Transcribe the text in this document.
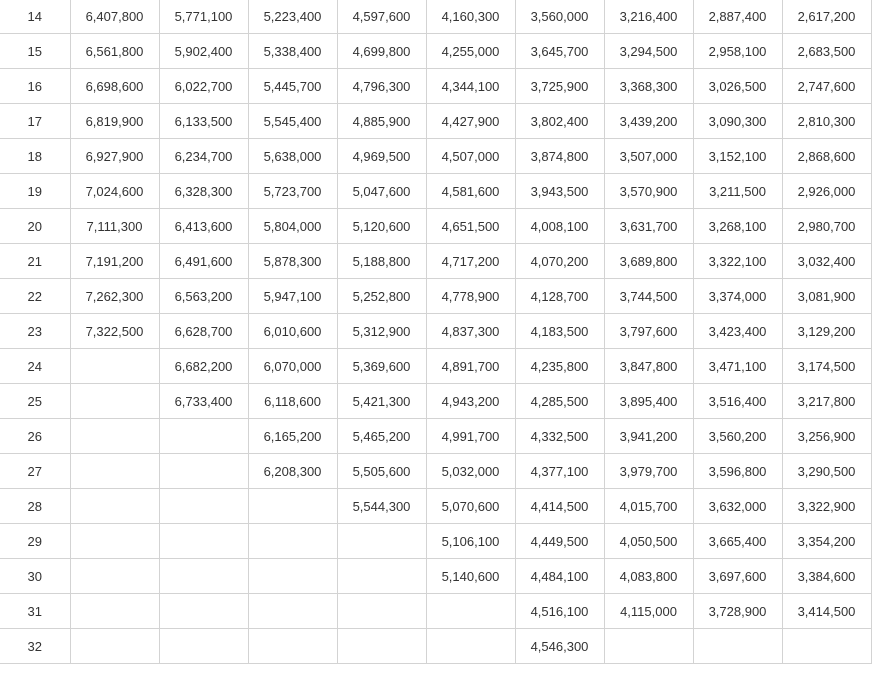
14	6,407,800	5,771,100	5,223,400	4,597,600	4,160,300	3,560,000	3,216,400	2,887,400	2,617,200
15	6,561,800	5,902,400	5,338,400	4,699,800	4,255,000	3,645,700	3,294,500	2,958,100	2,683,500
16	6,698,600	6,022,700	5,445,700	4,796,300	4,344,100	3,725,900	3,368,300	3,026,500	2,747,600
17	6,819,900	6,133,500	5,545,400	4,885,900	4,427,900	3,802,400	3,439,200	3,090,300	2,810,300
18	6,927,900	6,234,700	5,638,000	4,969,500	4,507,000	3,874,800	3,507,000	3,152,100	2,868,600
19	7,024,600	6,328,300	5,723,700	5,047,600	4,581,600	3,943,500	3,570,900	3,211,500	2,926,000
20	7,111,300	6,413,600	5,804,000	5,120,600	4,651,500	4,008,100	3,631,700	3,268,100	2,980,700
21	7,191,200	6,491,600	5,878,300	5,188,800	4,717,200	4,070,200	3,689,800	3,322,100	3,032,400
22	7,262,300	6,563,200	5,947,100	5,252,800	4,778,900	4,128,700	3,744,500	3,374,000	3,081,900
23	7,322,500	6,628,700	6,010,600	5,312,900	4,837,300	4,183,500	3,797,600	3,423,400	3,129,200
24		6,682,200	6,070,000	5,369,600	4,891,700	4,235,800	3,847,800	3,471,100	3,174,500
25		6,733,400	6,118,600	5,421,300	4,943,200	4,285,500	3,895,400	3,516,400	3,217,800
26			6,165,200	5,465,200	4,991,700	4,332,500	3,941,200	3,560,200	3,256,900
27			6,208,300	5,505,600	5,032,000	4,377,100	3,979,700	3,596,800	3,290,500
28				5,544,300	5,070,600	4,414,500	4,015,700	3,632,000	3,322,900
29					5,106,100	4,449,500	4,050,500	3,665,400	3,354,200
30					5,140,600	4,484,100	4,083,800	3,697,600	3,384,600
31						4,516,100	4,115,000	3,728,900	3,414,500
32						4,546,300			
